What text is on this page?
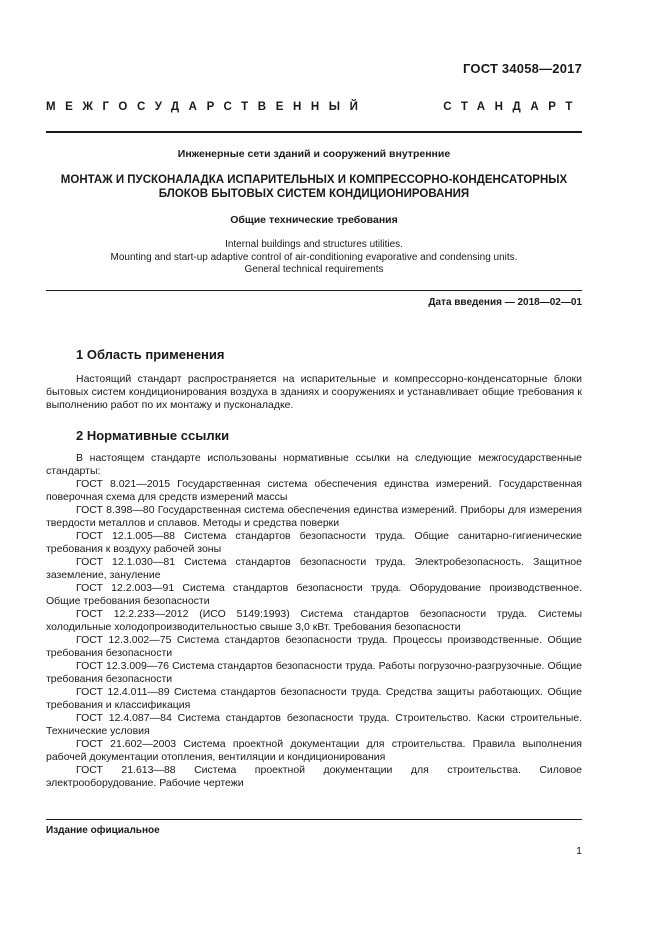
ГОСТ 34058—2017
МЕЖГОСУДАРСТВЕННЫЙ	СТАНДАРТ
Инженерные сети зданий и сооружений внутренние
МОНТАЖ И ПУСКОНАЛАДКА ИСПАРИТЕЛЬНЫХ И КОМПРЕССОРНО-КОНДЕНСАТОРНЫХ
БЛОКОВ БЫТОВЫХ СИСТЕМ КОНДИЦИОНИРОВАНИЯ
Общие технические требования
Internal buildings and structures utilities.
Mounting and start-up adaptive control of air-conditioning evaporative and condensing units.
General technical requirements
Дата введения — 2018—02—01
1 Область применения

Настоящий стандарт распространяется на испарительные и компрессорно-конденсаторные блоки бытовых систем кондиционирования воздуха в зданиях и сооружениях и устанавливает общие требования к выполнению работ по их монтажу и пусконаладке.

2 Нормативные ссылки

В настоящем стандарте использованы нормативные ссылки на следующие межгосударственные стандарты:

ГОСТ 8.021—2015 Государственная система обеспечения единства измерений. Государственная поверочная схема для средств измерений массы

ГОСТ 8.398—80 Государственная система обеспечения единства измерений. Приборы для измерения твердости металлов и сплавов. Методы и средства поверки

ГОСТ 12.1.005—88 Система стандартов безопасности труда. Общие санитарно-гигиенические требования к воздуху рабочей зоны

ГОСТ 12.1.030—81 Система стандартов безопасности труда. Электробезопасность. Защитное заземление, зануление

ГОСТ 12.2.003—91 Система стандартов безопасности труда. Оборудование производственное. Общие требования безопасности

ГОСТ 12.2.233—2012 (ИСО 5149:1993) Система стандартов безопасности труда. Системы холодильные холодопроизводительностью свыше 3,0 кВт. Требования безопасности

ГОСТ 12.3.002—75 Система стандартов безопасности труда. Процессы производственные. Общие требования безопасности

ГОСТ 12.3.009—76 Система стандартов безопасности труда. Работы погрузочно-разгрузочные. Общие требования безопасности

ГОСТ 12.4.011—89 Система стандартов безопасности труда. Средства защиты работающих. Общие требования и классификация

ГОСТ 12.4.087—84 Система стандартов безопасности труда. Строительство. Каски строительные. Технические условия

ГОСТ 21.602—2003 Система проектной документации для строительства. Правила выполнения рабочей документации отопления, вентиляции и кондиционирования

ГОСТ 21.613—88 Система проектной документации для строительства. Силовое электрооборудование. Рабочие чертежи

Издание официальное
1
